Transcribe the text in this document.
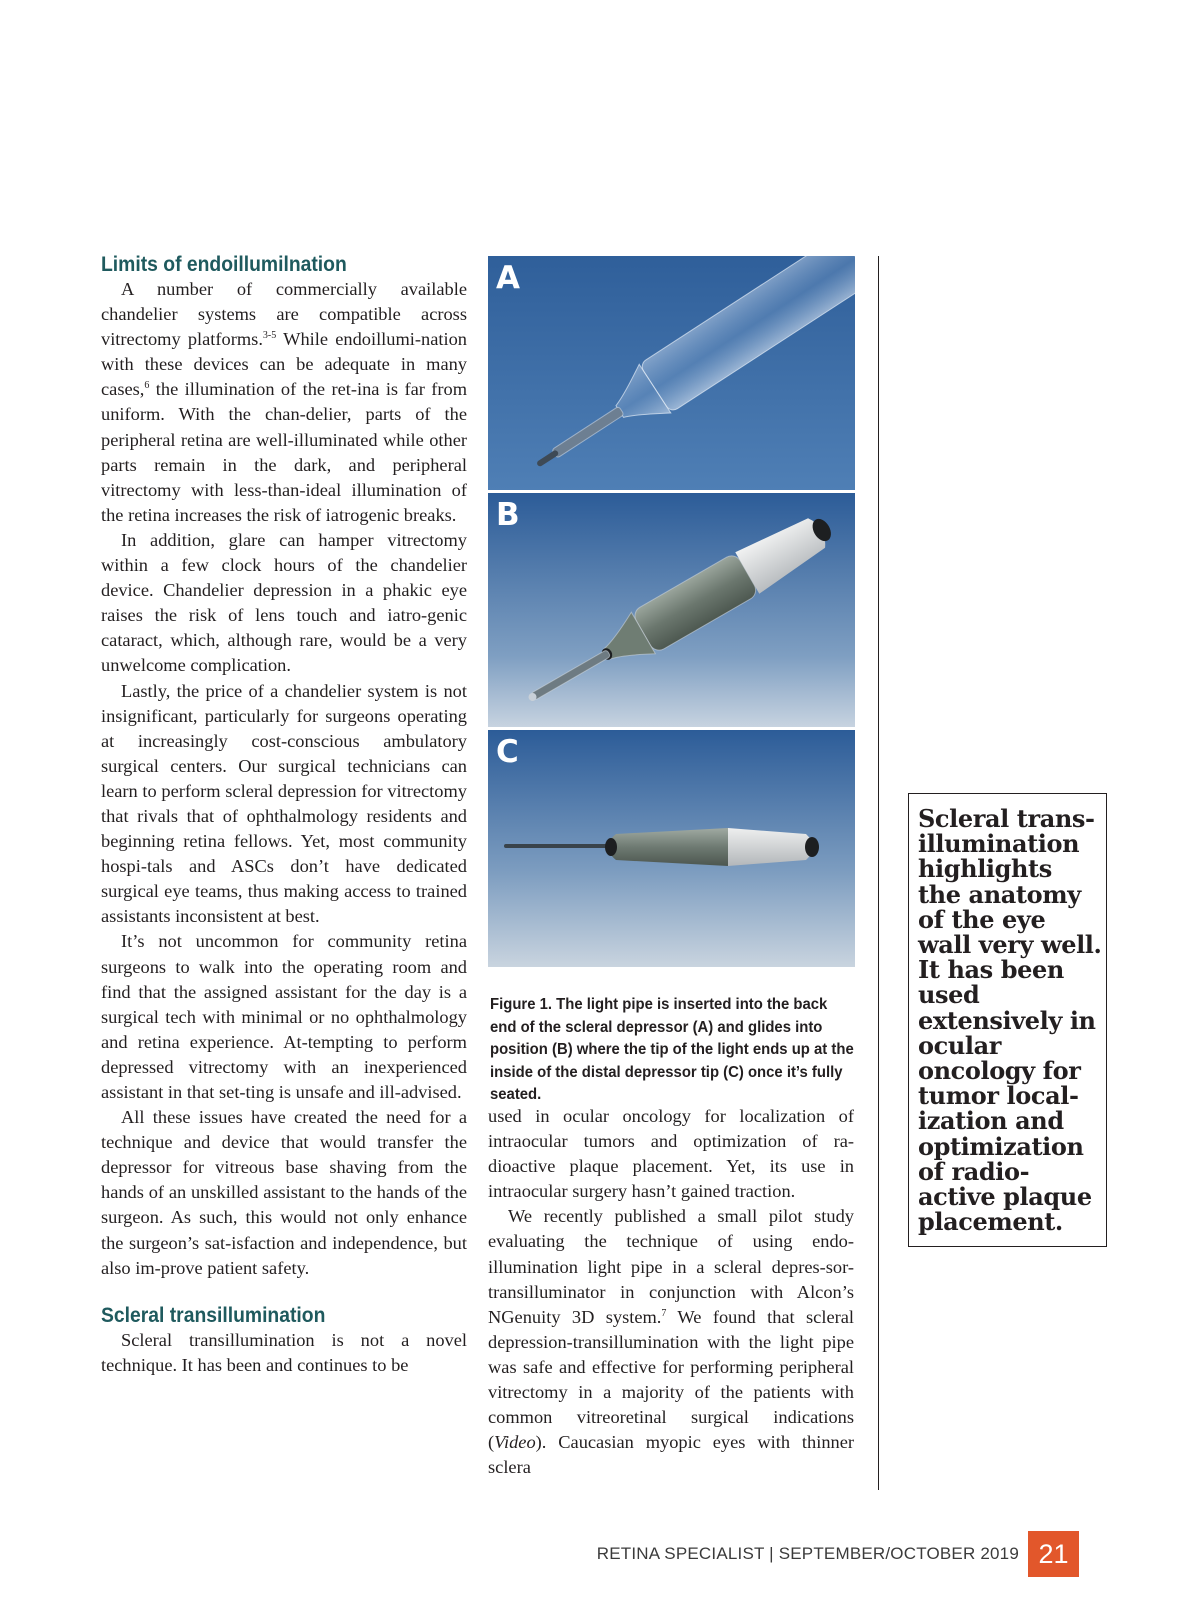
Limits of endoillumilnation

A number of commercially available chandelier systems are compatible across vitrectomy platforms.$^{3-5}$ While endoillumi-nation with these devices can be adequate in many cases,$^6$ the illumination of the ret-ina is far from uniform. With the chan-delier, parts of the peripheral retina are well-illuminated while other parts remain in the dark, and peripheral vitrectomy with less-than-ideal illumination of the retina increases the risk of iatrogenic breaks.

In addition, glare can hamper vitrectomy within a few clock hours of the chandelier device. Chandelier depression in a phakic eye raises the risk of lens touch and iatro-genic cataract, which, although rare, would be a very unwelcome complication.

Lastly, the price of a chandelier system is not insignificant, particularly for surgeons operating at increasingly cost-conscious ambulatory surgical centers. Our surgical technicians can learn to perform scleral depression for vitrectomy that rivals that of ophthalmology residents and beginning retina fellows. Yet, most community hospi-tals and ASCs don’t have dedicated surgical eye teams, thus making access to trained assistants inconsistent at best.

It’s not uncommon for community retina surgeons to walk into the operating room and find that the assigned assistant for the day is a surgical tech with minimal or no ophthalmology and retina experience. At-tempting to perform depressed vitrectomy with an inexperienced assistant in that set-ting is unsafe and ill-advised.

All these issues have created the need for a technique and device that would transfer the depressor for vitreous base shaving from the hands of an unskilled assistant to the hands of the surgeon. As such, this would not only enhance the surgeon’s sat-isfaction and independence, but also im-prove patient safety.

Scleral transillumination

Scleral transillumination is not a novel technique. It has been and continues to be

A
B
C

Figure 1. The light pipe is inserted into the back end of the scleral depressor (A) and glides into position (B) where the tip of the light ends up at the inside of the distal depressor tip (C) once it’s fully seated.

used in ocular oncology for localization of intraocular tumors and optimization of ra-dioactive plaque placement. Yet, its use in intraocular surgery hasn’t gained traction.

We recently published a small pilot study evaluating the technique of using endo-illumination light pipe in a scleral depres-sor-transilluminator in conjunction with Alcon’s NGenuity 3D system.$^7$ We found that scleral depression-transillumination with the light pipe was safe and effective for performing peripheral vitrectomy in a majority of the patients with common vitreoretinal surgical indications (Video). Caucasian myopic eyes with thinner sclera

Scleral trans-illumination highlights the anatomy of the eye wall very well. It has been used extensively in ocular oncology for tumor local-ization and optimization of radio-active plaque placement.

RETINA SPECIALIST | SEPTEMBER/OCTOBER 2019 21
